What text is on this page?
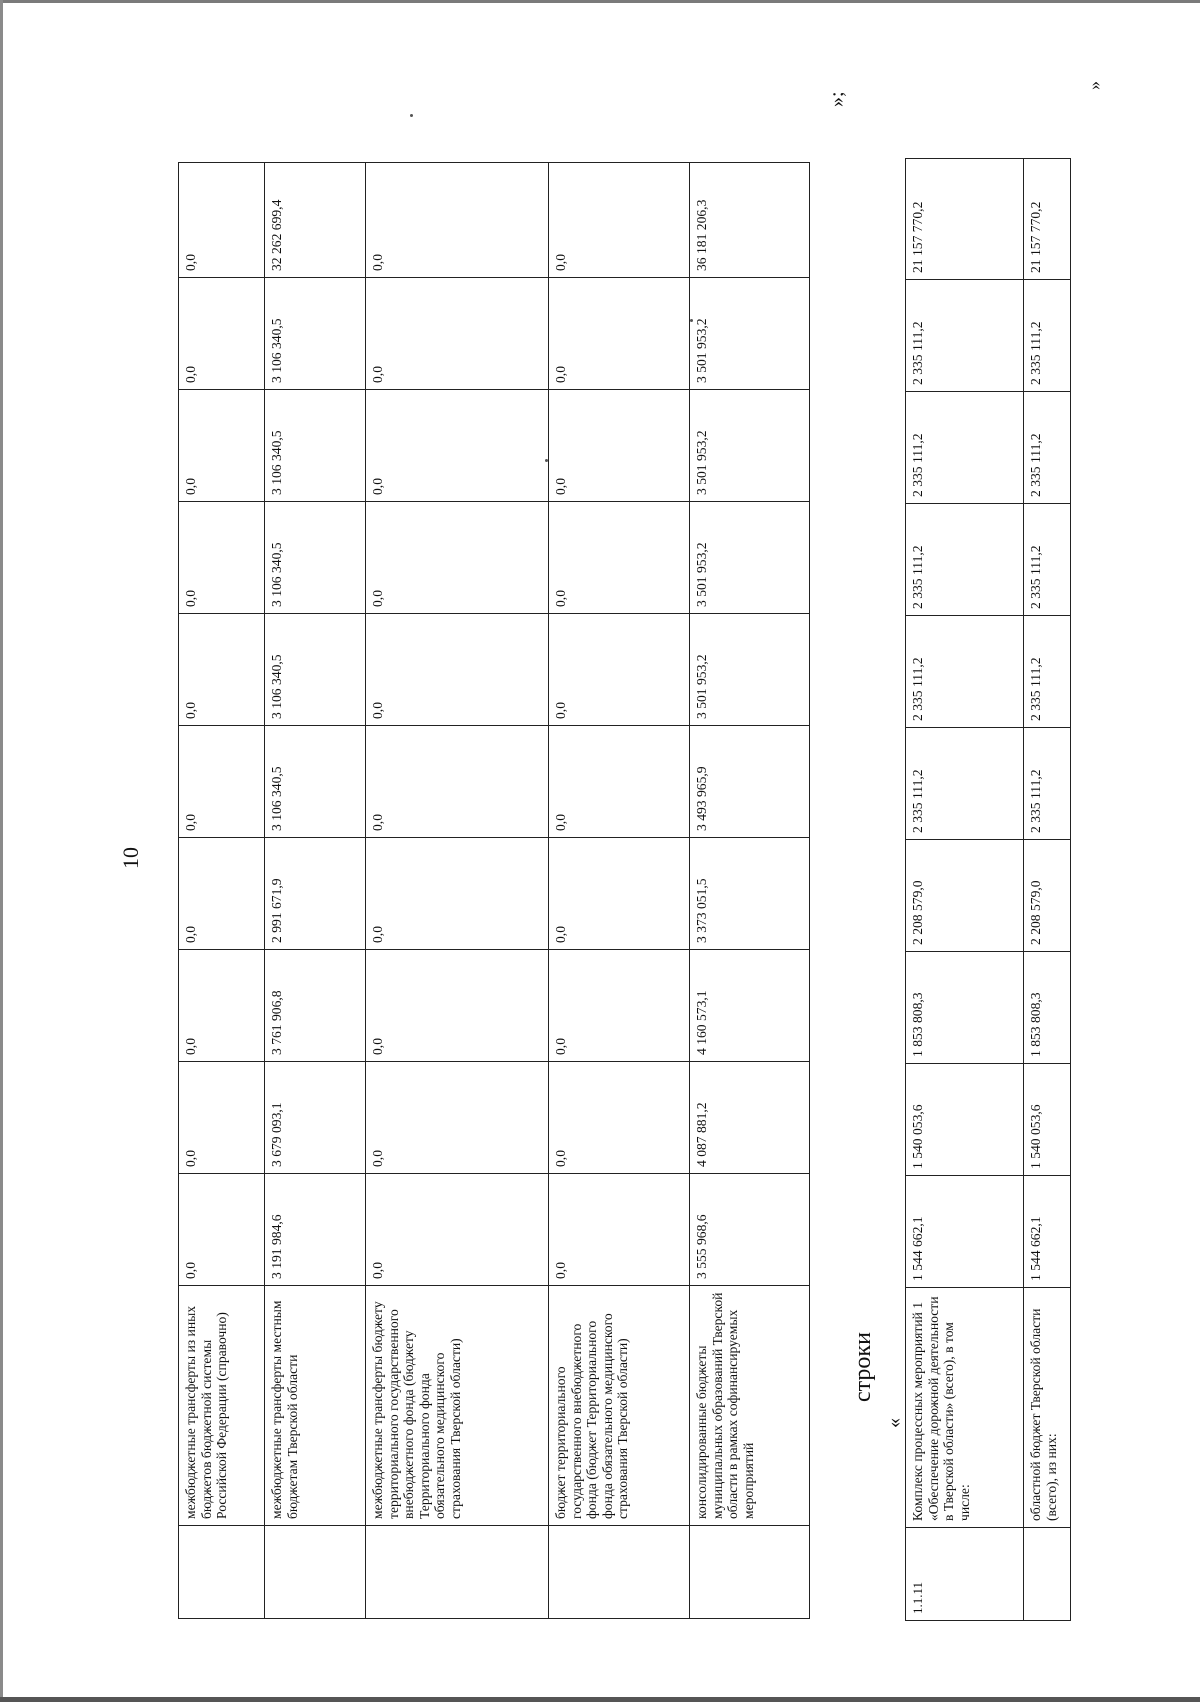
10
	межбюджетные трансферты из иных бюджетов бюджетной системы Российской Федерации (справочно)	0,0	0,0	0,0	0,0	0,0	0,0	0,0	0,0	0,0	0,0
	межбюджетные трансферты местным бюджетам Тверской области	3 191 984,6	3 679 093,1	3 761 906,8	2 991 671,9	3 106 340,5	3 106 340,5	3 106 340,5	3 106 340,5	3 106 340,5	32 262 699,4
	межбюджетные трансферты бюджету территориального государственного внебюджетного фонда (бюджету Территориального фонда обязательного медицинского страхования Тверской области)	0,0	0,0	0,0	0,0	0,0	0,0	0,0	0,0	0,0	0,0
	бюджет территориального государственного внебюджетного фонда (бюджет Территориального фонда обязательного медицинского страхования Тверской области)	0,0	0,0	0,0	0,0	0,0	0,0	0,0	0,0	0,0	0,0
	консолидированные бюджеты муниципальных образований Тверской области в рамках софинансируемых мероприятий	3 555 968,6	4 087 881,2	4 160 573,1	3 373 051,5	3 493 965,9	3 501 953,2	3 501 953,2	3 501 953,2	3 501 953,2	36 181 206,3
»;
строки
«
1.1.11	Комплекс процессных мероприятий 1 «Обеспечение дорожной деятельности в Тверской области» (всего), в том числе:	1 544 662,1	1 540 053,6	1 853 808,3	2 208 579,0	2 335 111,2	2 335 111,2	2 335 111,2	2 335 111,2	2 335 111,2	21 157 770,2
	областной бюджет Тверской области (всего), из них:	1 544 662,1	1 540 053,6	1 853 808,3	2 208 579,0	2 335 111,2	2 335 111,2	2 335 111,2	2 335 111,2	2 335 111,2	21 157 770,2
»
